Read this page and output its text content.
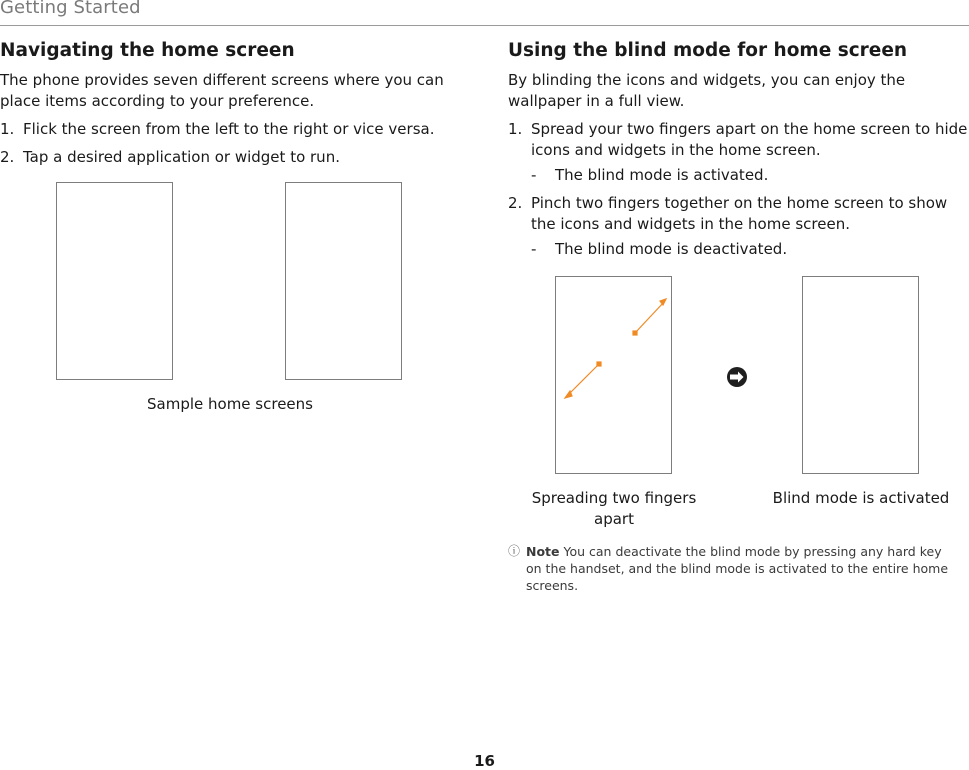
Getting Started
Navigating the home screen
The phone provides seven different screens where you can place items according to your preference.
1. Flick the screen from the left to the right or vice versa.
2. Tap a desired application or widget to run.
Sample home screens
Using the blind mode for home screen
By blinding the icons and widgets, you can enjoy the wallpaper in a full view.
1. Spread your two fingers apart on the home screen to hide icons and widgets in the home screen.
-	The blind mode is activated.
2. Pinch two fingers together on the home screen to show the icons and widgets in the home screen.
-	The blind mode is deactivated.
Spreading two fingers apart
Blind mode is activated
ⓘ Note You can deactivate the blind mode by pressing any hard key on the handset, and the blind mode is activated to the entire home screens.
16
